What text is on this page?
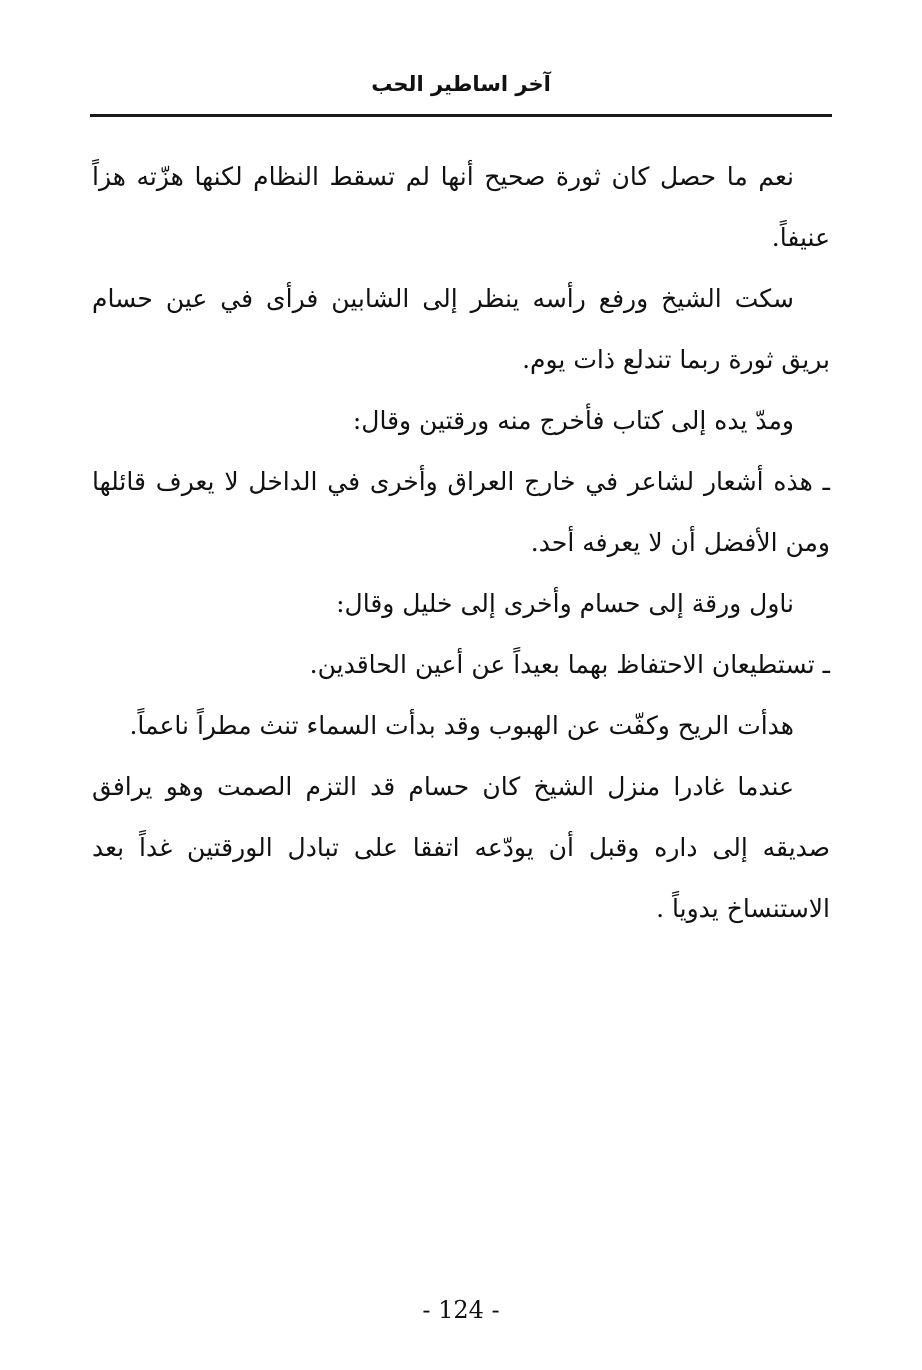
آخر اساطير الحب

نعم ما حصل كان ثورة صحيح أنها لم تسقط النظام لكنها هزّته هزاً عنيفاً.

سكت الشيخ ورفع رأسه ينظر إلى الشابين فرأى في عين حسام بريق ثورة ربما تندلع ذات يوم.

ومدّ يده إلى كتاب فأخرج منه ورقتين وقال:

ـ هذه أشعار لشاعر في خارج العراق وأخرى في الداخل لا يعرف قائلها ومن الأفضل أن لا يعرفه أحد.

ناول ورقة إلى حسام وأخرى إلى خليل وقال:

ـ تستطيعان الاحتفاظ بهما بعيداً عن أعين الحاقدين.

هدأت الريح وكفّت عن الهبوب وقد بدأت السماء تنث مطراً ناعماً.

عندما غادرا منزل الشيخ كان حسام قد التزم الصمت وهو يرافق صديقه إلى داره وقبل أن يودّعه اتفقا على تبادل الورقتين غداً بعد الاستنساخ يدوياً .

- 124 -
